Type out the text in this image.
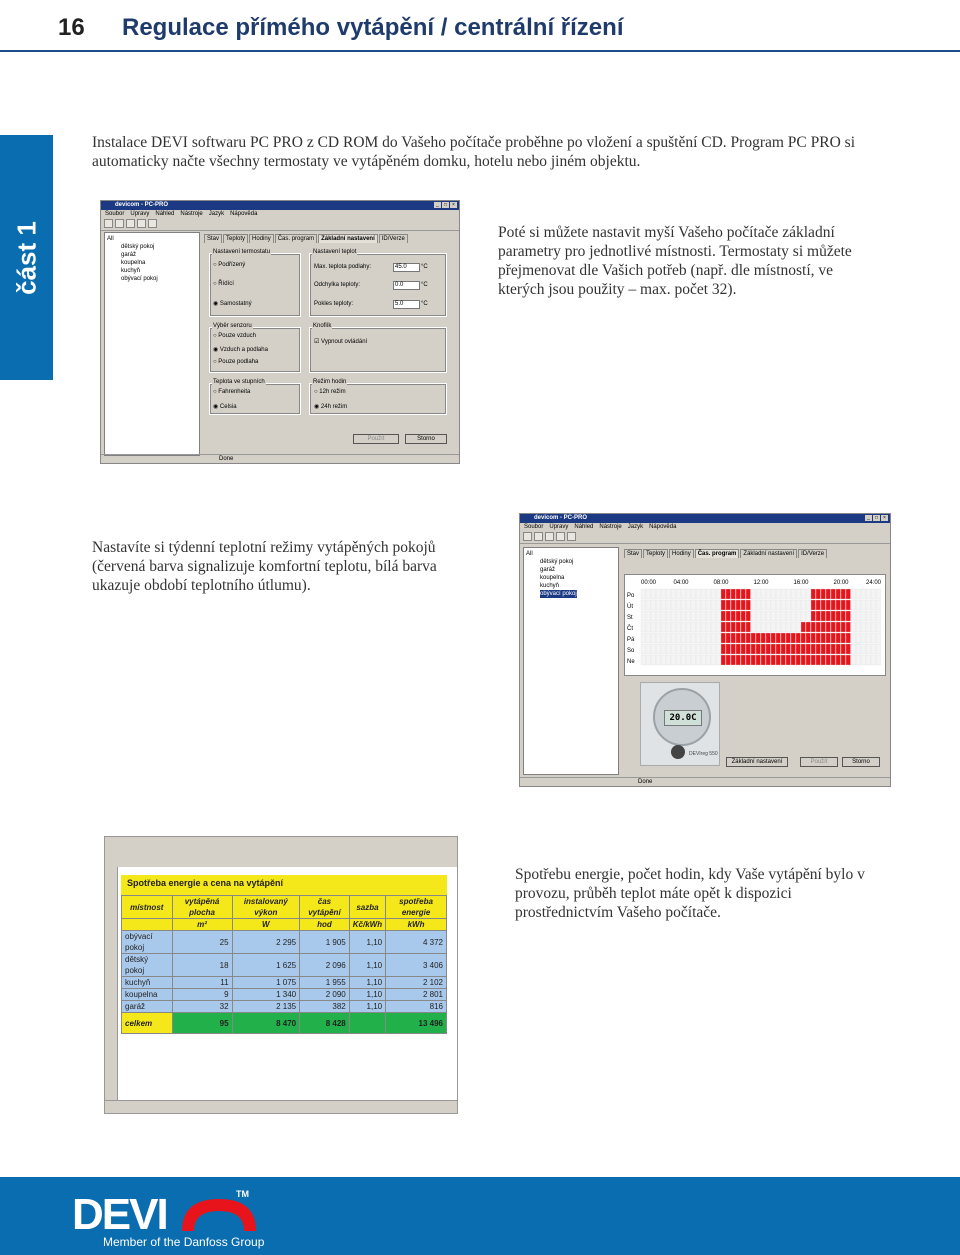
16 Regulace přímého vytápění / centrální řízení
část 1
Instalace DEVI softwaru PC PRO z CD ROM do Vašeho počítače proběhne po vložení a spuštění CD. Program PC PRO si automaticky načte všechny termostaty ve vytápěném domku, hotelu nebo jiném objektu.
devicom - PC-PRO	_	□	×
Soubor Úpravy Náhled Nástroje Jazyk Nápověda
All
dětský pokoj
garáž
koupelna
kuchyň
obývací pokoj
Stav	Teploty	Hodiny	Čas. program	Základní nastavení	ID/Verze
Nastavení termostatu
○ Podřízený
○ Řídící
◉ Samostatný
Nastavení teplot
Max. teplota podlahy:	45.0	°C
Odchylka teploty:	0.0	°C
Pokles teploty:	5.0	°C
Výběr senzoru
○ Pouze vzduch
◉ Vzduch a podlaha
○ Pouze podlaha
Knoflík
☑ Vypnout ovládání
Teplota ve stupních
○ Fahrenheita
◉ Celsia
Režim hodin
○ 12h režim
◉ 24h režim
Použít	Storno
Done
Poté si můžete nastavit myší Vašeho počítače základní parametry pro jednotlivé místnosti. Termostaty si můžete přejmenovat dle Vašich potřeb (např. dle místností, ve kterých jsou použity – max. počet 32).
Nastavíte si týdenní teplotní režimy vytápěných pokojů (červená barva signalizuje komfortní teplotu, bílá barva ukazuje období teplotního útlumu).
devicom - PC-PRO	_	□	×
Soubor Úpravy Náhled Nástroje Jazyk Nápověda
All
dětský pokoj
garáž
koupelna
kuchyň
obývací pokoj
Stav	Teploty	Hodiny	Čas. program	Základní nastavení	ID/Verze
00:00	04:00	08:00	12:00	16:00	20:00	24:00
Po
Út
St
Čt
Pá
So
Ne
20.0C
DEVIreg 550
Základní nastavení	Použít	Storno
Done
Spotřeba energie a cena na vytápění
místnost	vytápěná plocha	instalovaný výkon	čas vytápění	sazba	spotřeba energie
	m²	W	hod	Kč/kWh	kWh
obývací pokoj	25	2 295	1 905	1,10	4 372
dětský pokoj	18	1 625	2 096	1,10	3 406
kuchyň	11	1 075	1 955	1,10	2 102
koupelna	9	1 340	2 090	1,10	2 801
garáž	32	2 135	382	1,10	816
celkem	95	8 470	8 428		13 496
Spotřebu energie, počet hodin, kdy Vaše vytápění bylo v provozu, průběh teplot máte opět k dispozici prostřednictvím Vašeho počítače.
DEVI	TM
Member of the Danfoss Group
